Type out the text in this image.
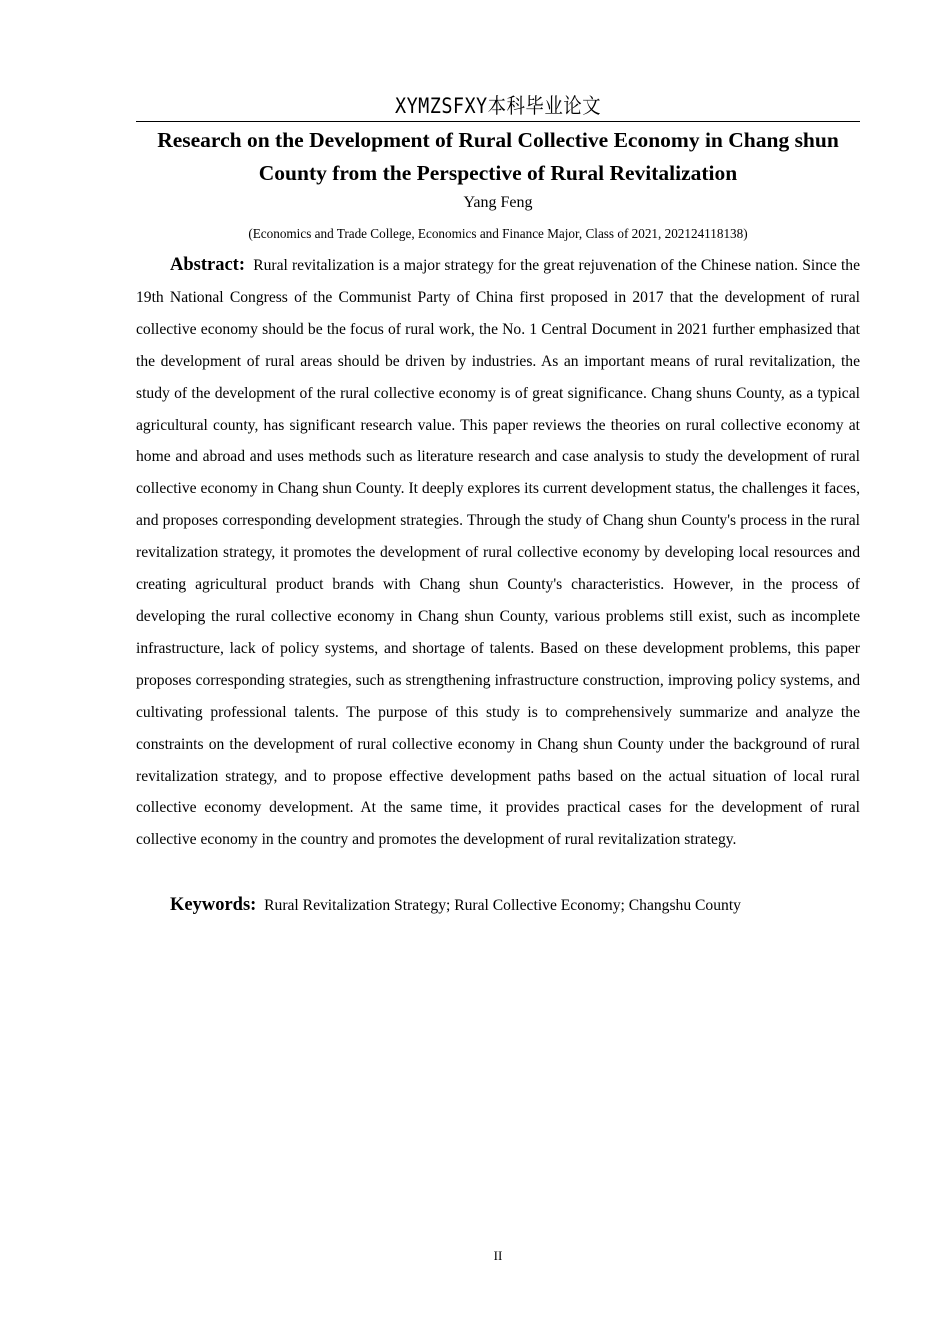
XYMZSFXY本科毕业论文
Research on the Development of Rural Collective Economy in Chang shun County from the Perspective of Rural Revitalization
Yang Feng
(Economics and Trade College, Economics and Finance Major, Class of 2021, 202124118138)

Abstract: Rural revitalization is a major strategy for the great rejuvenation of the Chinese nation. Since the 19th National Congress of the Communist Party of China first proposed in 2017 that the development of rural collective economy should be the focus of rural work, the No. 1 Central Document in 2021 further emphasized that the development of rural areas should be driven by industries. As an important means of rural revitalization, the study of the development of the rural collective economy is of great significance. Chang shuns County, as a typical agricultural county, has significant research value. This paper reviews the theories on rural collective economy at home and abroad and uses methods such as literature research and case analysis to study the development of rural collective economy in Chang shun County. It deeply explores its current development status, the challenges it faces, and proposes corresponding development strategies. Through the study of Chang shun County's process in the rural revitalization strategy, it promotes the development of rural collective economy by developing local resources and creating agricultural product brands with Chang shun County's characteristics. However, in the process of developing the rural collective economy in Chang shun County, various problems still exist, such as incomplete infrastructure, lack of policy systems, and shortage of talents. Based on these development problems, this paper proposes corresponding strategies, such as strengthening infrastructure construction, improving policy systems, and cultivating professional talents. The purpose of this study is to comprehensively summarize and analyze the constraints on the development of rural collective economy in Chang shun County under the background of rural revitalization strategy, and to propose effective development paths based on the actual situation of local rural collective economy development. At the same time, it provides practical cases for the development of rural collective economy in the country and promotes the development of rural revitalization strategy.

Keywords: Rural Revitalization Strategy; Rural Collective Economy; Changshu County

II
